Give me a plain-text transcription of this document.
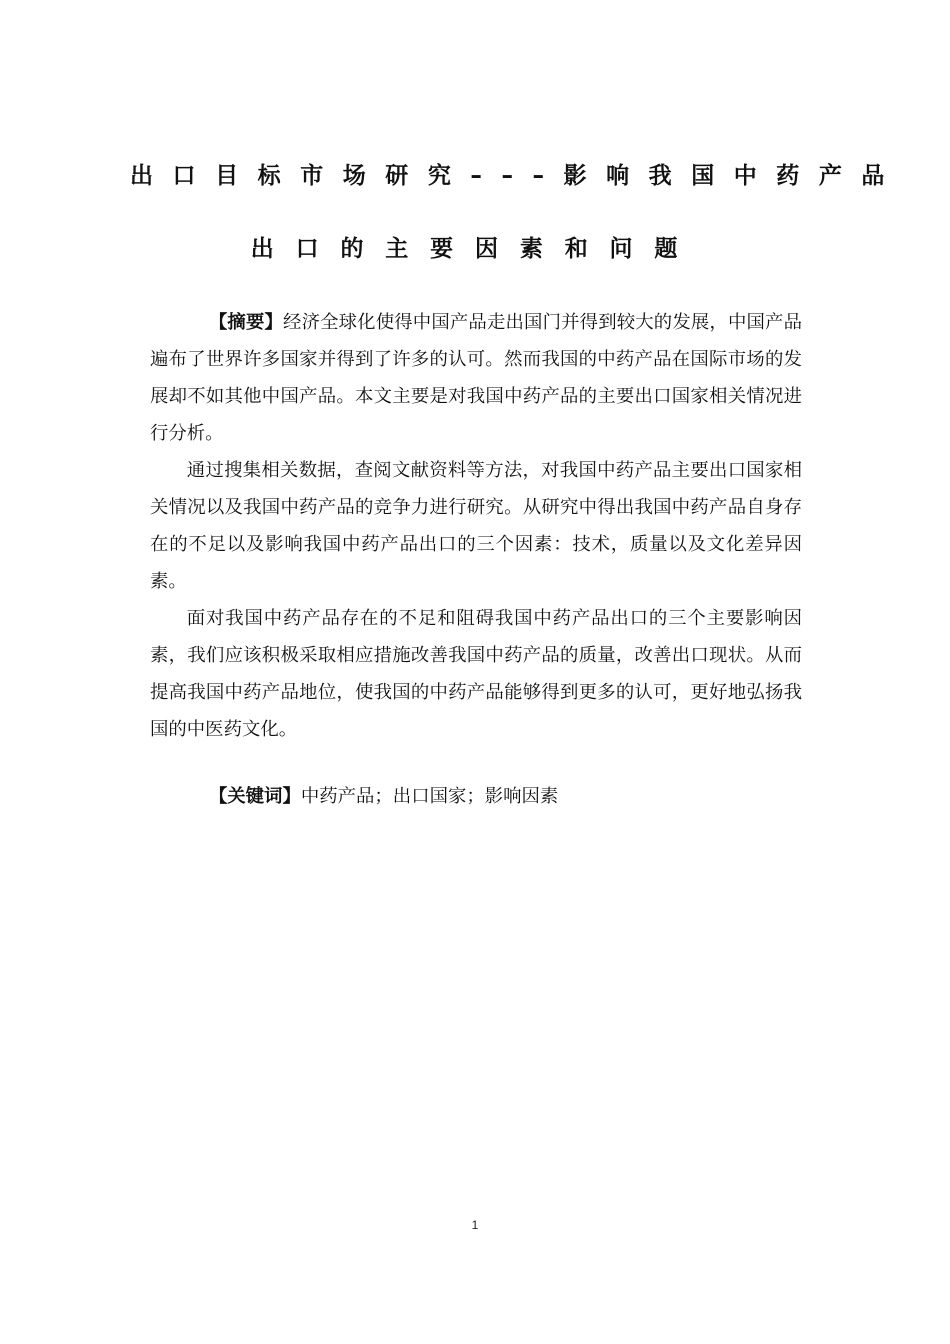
出口目标市场研究–––影响我国中药产品
出口的主要因素和问题

【摘要】经济全球化使得中国产品走出国门并得到较大的发展，中国产品遍布了世界许多国家并得到了许多的认可。然而我国的中药产品在国际市场的发展却不如其他中国产品。本文主要是对我国中药产品的主要出口国家相关情况进行分析。

通过搜集相关数据，查阅文献资料等方法，对我国中药产品主要出口国家相关情况以及我国中药产品的竞争力进行研究。从研究中得出我国中药产品自身存在的不足以及影响我国中药产品出口的三个因素：技术，质量以及文化差异因素。

面对我国中药产品存在的不足和阻碍我国中药产品出口的三个主要影响因素，我们应该积极采取相应措施改善我国中药产品的质量，改善出口现状。从而提高我国中药产品地位，使我国的中药产品能够得到更多的认可，更好地弘扬我国的中医药文化。

【关键词】中药产品；出口国家；影响因素

1
